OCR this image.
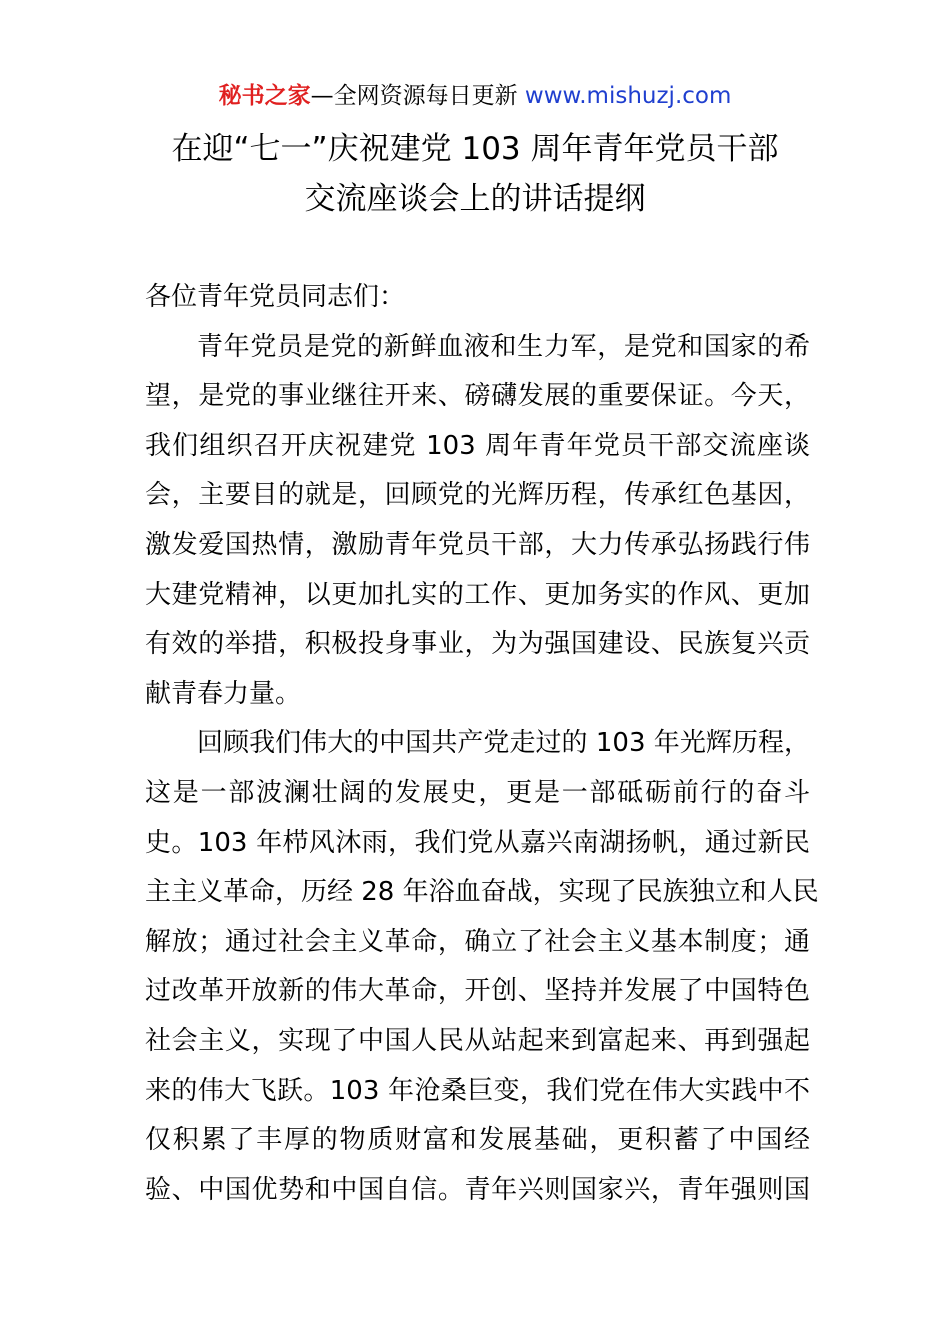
秘书之家—全网资源每日更新 www.mishuzj.com
在迎“七一”庆祝建党 103 周年青年党员干部
交流座谈会上的讲话提纲
各位青年党员同志们：
青年党员是党的新鲜血液和生力军，是党和国家的希
望，是党的事业继往开来、磅礴发展的重要保证。今天，
我们组织召开庆祝建党 103 周年青年党员干部交流座谈
会，主要目的就是，回顾党的光辉历程，传承红色基因，
激发爱国热情，激励青年党员干部，大力传承弘扬践行伟
大建党精神，以更加扎实的工作、更加务实的作风、更加
有效的举措，积极投身事业，为为强国建设、民族复兴贡
献青春力量。
回顾我们伟大的中国共产党走过的 103 年光辉历程，
这是一部波澜壮阔的发展史，更是一部砥砺前行的奋斗
史。103 年栉风沐雨，我们党从嘉兴南湖扬帆，通过新民
主主义革命，历经 28 年浴血奋战，实现了民族独立和人民
解放；通过社会主义革命，确立了社会主义基本制度；通
过改革开放新的伟大革命，开创、坚持并发展了中国特色
社会主义，实现了中国人民从站起来到富起来、再到强起
来的伟大飞跃。103 年沧桑巨变，我们党在伟大实践中不
仅积累了丰厚的物质财富和发展基础，更积蓄了中国经
验、中国优势和中国自信。青年兴则国家兴，青年强则国
